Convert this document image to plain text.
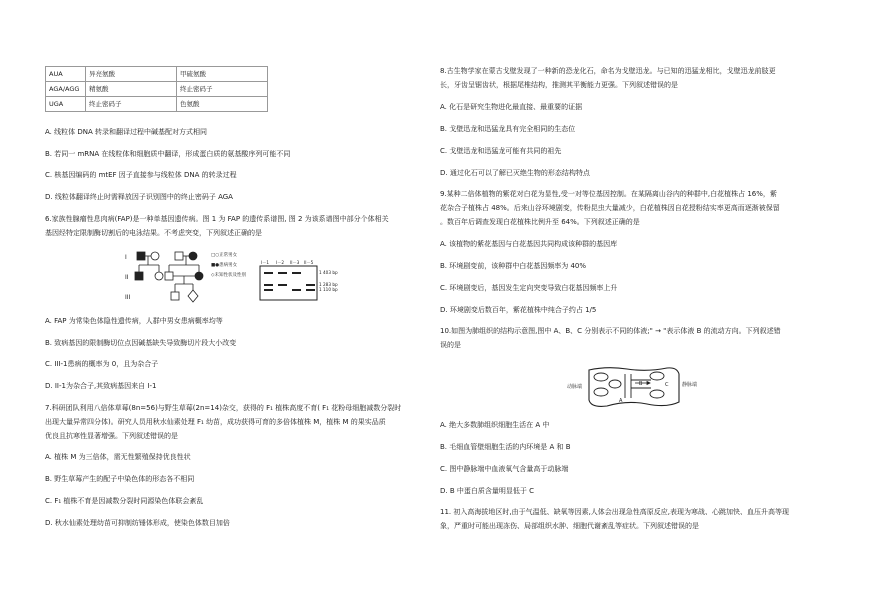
AUA	异亮氨酸	甲硫氨酸
AGA/AGG	精氨酸	终止密码子
UGA	终止密码子	色氨酸
A. 线粒体 DNA 转录和翻译过程中碱基配对方式相同
B. 若同一 mRNA 在线粒体和细胞质中翻译，形成蛋白质的氨基酸序列可能不同
C. 核基因编码的 mtEF 因子直接参与线粒体 DNA 的转录过程
D. 线粒体翻译终止时需释放因子识别图中的终止密码子 AGA
6.家族性腺瘤性息肉病(FAP)是一种单基因遗传病。图 1 为 FAP 的遗传系谱图, 图 2 为该系谱图中部分个体相关
基因经特定限制酶切割后的电泳结果。不考虑突变，下列叙述正确的是
I
II
III
□○正常男女
■●患病男女
◇未知性状及性别
I－1 I－2 II－3 II－5
1 403 bp
1 283 bp
1 110 bp
A. FAP 为常染色体隐性遗传病，人群中男女患病概率均等
B. 致病基因的限制酶切位点因碱基缺失导致酶切片段大小改变
C. III-1患病的概率为 0，且为杂合子
D. II-1为杂合子,其致病基因来自 I-1
7.科研团队利用八倍体草莓(8n=56)与野生草莓(2n=14)杂交，获得的 F₁ 植株高度不育( F₁ 花粉母细胞减数分裂时
出现大量异常四分体)。研究人员用秋水仙素处理 F₁ 幼苗，成功获得可育的多倍体植株 M，植株 M 的果实品质
优良且抗寒性显著增强。下列叙述错误的是
A. 植株 M 为三倍体，需无性繁殖保持优良性状
B. 野生草莓产生的配子中染色体的形态各不相同
C. F₁ 植株不育是因减数分裂时同源染色体联会紊乱
D. 秋水仙素处理幼苗可抑制纺锤体形成，使染色体数目加倍
8.古生物学家在蒙古戈壁发现了一种新的恐龙化石，命名为戈壁迅龙。与已知的迅猛龙相比，戈壁迅龙前肢更
长，牙齿呈锯齿状，根据尾椎结构，推测其平衡能力更强。下列叙述错误的是
A. 化石是研究生物进化最直接、最重要的证据
B. 戈壁迅龙和迅猛龙具有完全相同的生态位
C. 戈壁迅龙和迅猛龙可能有共同的祖先
D. 通过化石可以了解已灭绝生物的形态结构特点
9.某种二倍体植物的紫花对白花为显性,受一对等位基因控制。在某隔离山谷内的种群中,白花植株占 16%，紫
花杂合子植株占 48%。后来山谷环境剧变，传粉昆虫大量减少，白花植株因自花授粉结实率更高而逐渐被保留
。数百年后调查发现白花植株比例升至 64%。下列叙述正确的是
A. 该植物的紫花基因与白花基因共同构成该种群的基因库
B. 环境剧变前，该种群中白花基因频率为 40%
C. 环境剧变后，基因发生定向突变导致白花基因频率上升
D. 环境剧变后数百年，紫花植株中纯合子约占 1/5
10.如图为肺组织的结构示意图,图中 A、B、C 分别表示不同的体液;" → "表示体液 B 的流动方向。下列叙述错
误的是
动脉端	静脉端
A
B	C
A. 绝大多数肺组织细胞生活在 A 中
B. 毛细血管壁细胞生活的内环境是 A 和 B
C. 图中静脉端中血液氧气含量高于动脉端
D. B 中蛋白质含量明显低于 C
11. 初入高海拔地区时,由于气温低、缺氧等因素,人体会出现急性高原反应,表现为寒战、心跳加快、血压升高等现
象，严重时可能出现冻伤、局部组织水肿、细胞代谢紊乱等症状。下列叙述错误的是
